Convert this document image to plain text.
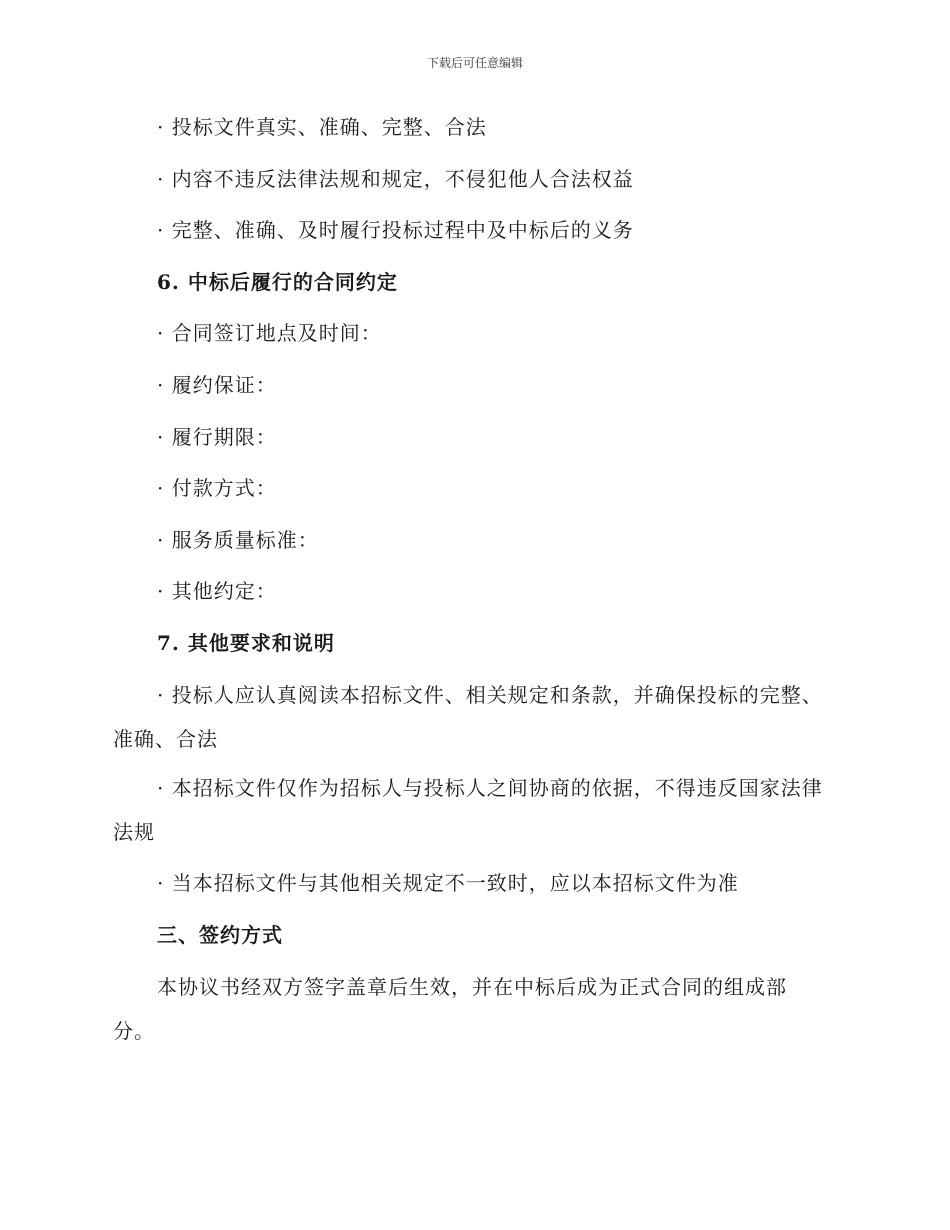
下载后可任意编辑
· 投标文件真实、准确、完整、合法
· 内容不违反法律法规和规定，不侵犯他人合法权益
· 完整、准确、及时履行投标过程中及中标后的义务
6. 中标后履行的合同约定
· 合同签订地点及时间：
· 履约保证：
· 履行期限：
· 付款方式：
· 服务质量标准：
· 其他约定：
7. 其他要求和说明
· 投标人应认真阅读本招标文件、相关规定和条款，并确保投标的完整、准确、合法
· 本招标文件仅作为招标人与投标人之间协商的依据，不得违反国家法律法规
· 当本招标文件与其他相关规定不一致时，应以本招标文件为准
三、签约方式
本协议书经双方签字盖章后生效，并在中标后成为正式合同的组成部分。
